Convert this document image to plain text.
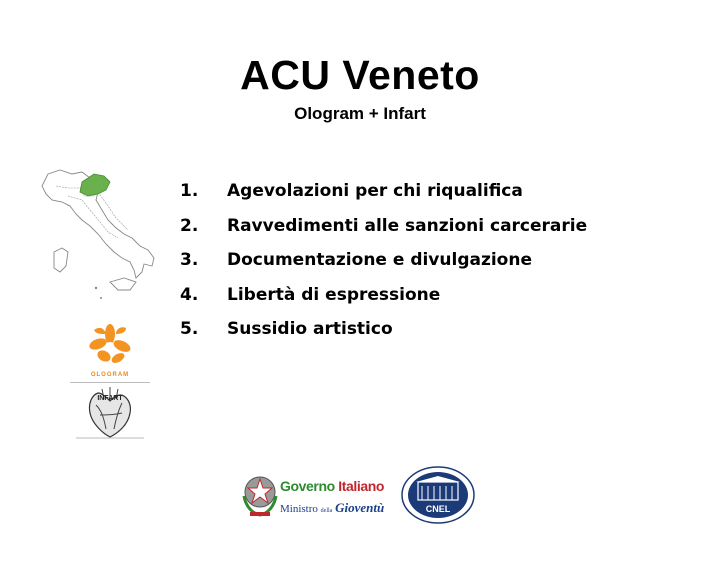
ACU Veneto
Ologram + Infart
OLOGRAM
INFART
1.	Agevolazioni per chi riqualifica
2.	Ravvedimenti alle sanzioni carcerarie
3.	Documentazione e divulgazione
4.	Libertà di espressione
5.	Sussidio artistico
Governo Italiano
Ministro della Gioventù	CNEL
